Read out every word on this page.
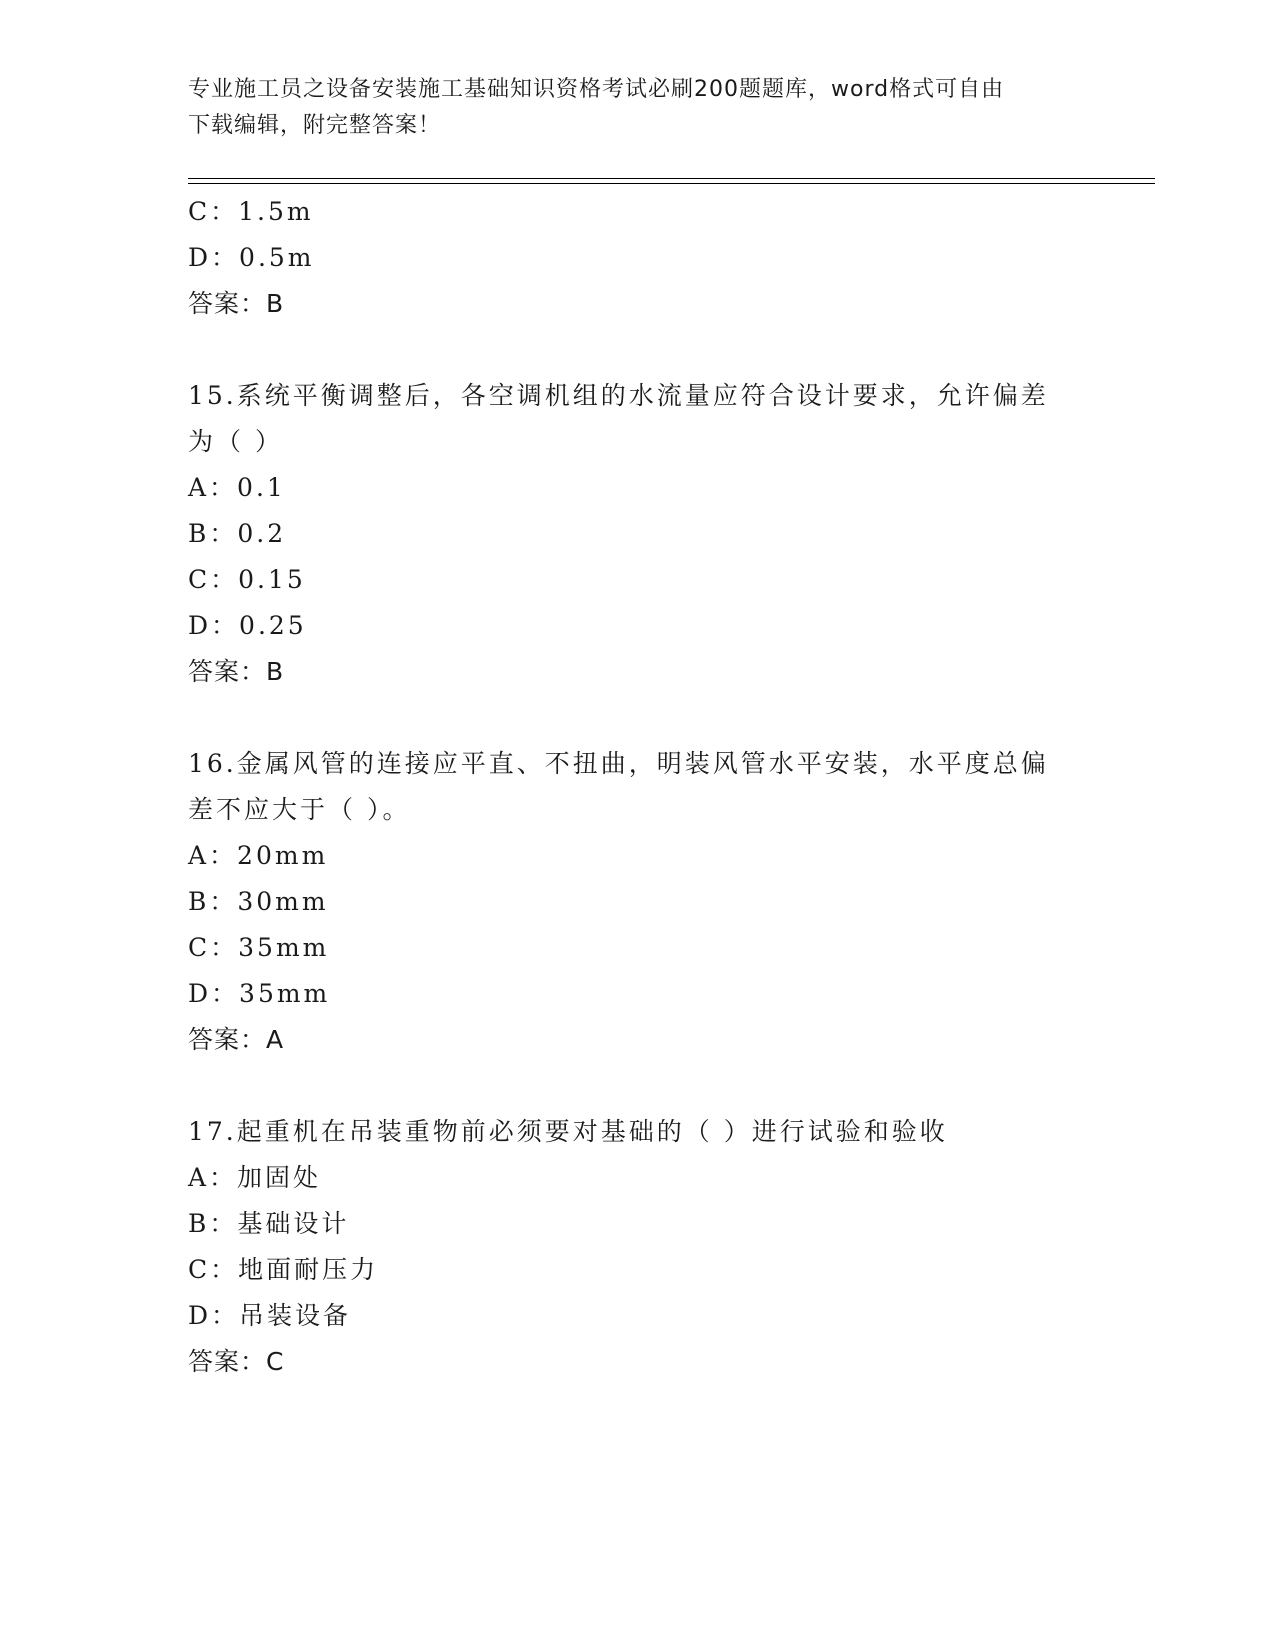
专业施工员之设备安装施工基础知识资格考试必刷200题题库，word格式可自由
下载编辑，附完整答案！
C：1.5m
D：0.5m
答案：B
15.系统平衡调整后，各空调机组的水流量应符合设计要求，允许偏差
为（ ）
A：0.1
B：0.2
C：0.15
D：0.25
答案：B
16.金属风管的连接应平直、不扭曲，明装风管水平安装，水平度总偏
差不应大于（ ）。
A：20mm
B：30mm
C：35mm
D：35mm
答案：A
17.起重机在吊装重物前必须要对基础的（ ）进行试验和验收
A：加固处
B：基础设计
C：地面耐压力
D：吊装设备
答案：C
